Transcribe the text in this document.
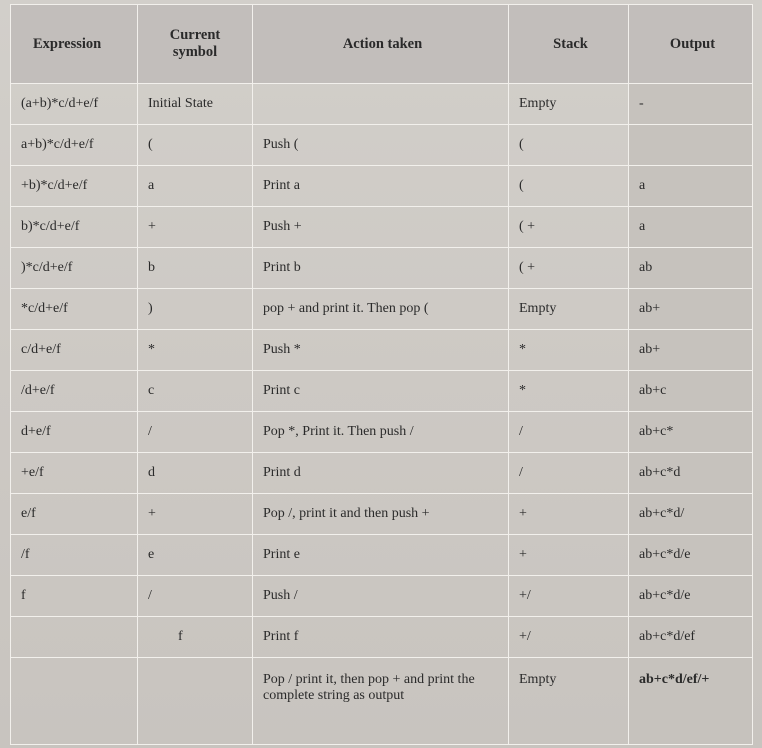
Expression	Current symbol	Action taken	Stack	Output
(a+b)*c/d+e/f	Initial State		Empty	-
a+b)*c/d+e/f	(	Push (	(	
+b)*c/d+e/f	a	Print a	(	a
b)*c/d+e/f	+	Push +	( +	a
)*c/d+e/f	b	Print b	( +	ab
*c/d+e/f	)	pop + and print it. Then pop (	Empty	ab+
c/d+e/f	*	Push *	*	ab+
/d+e/f	c	Print c	*	ab+c
d+e/f	/	Pop *, Print it. Then push /	/	ab+c*
+e/f	d	Print d	/	ab+c*d
e/f	+	Pop /, print it and then push +	+	ab+c*d/
/f	e	Print e	+	ab+c*d/e
f	/	Push /	+/	ab+c*d/e
	f	Print f	+/	ab+c*d/ef
		Pop / print it, then pop + and print the complete string as output	Empty	ab+c*d/ef/+
